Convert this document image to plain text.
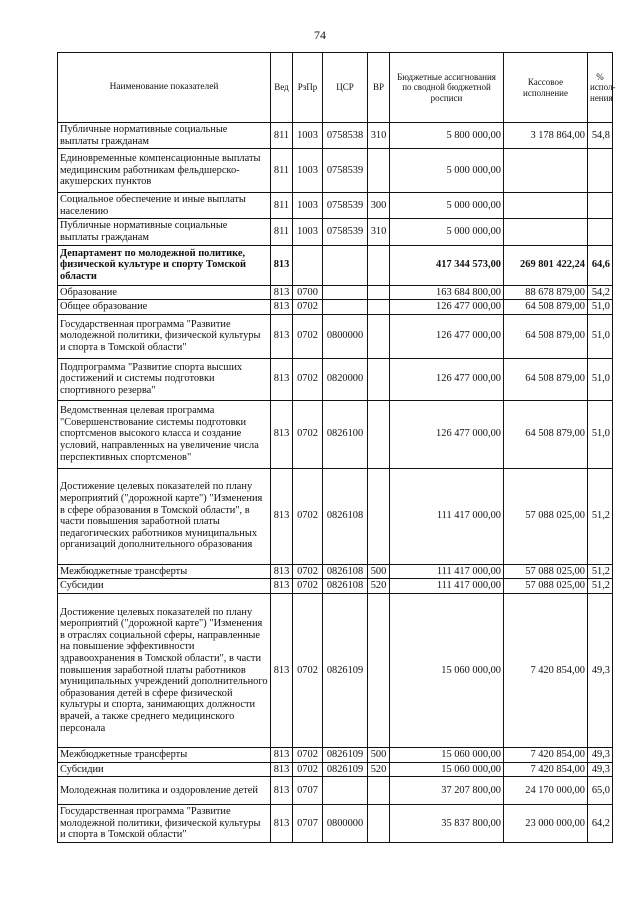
74
Наименование показателей	Вед	РзПр	ЦСР	ВР	Бюджетные ассигнования по сводной бюджетной росписи	Кассовое исполнение	% испол-нения
Публичные нормативные социальные выплаты гражданам	811	1003	0758538	310	5 800 000,00	3 178 864,00	54,8
Единовременные компенсационные выплаты медицинским работникам фельдшерско-акушерских пунктов	811	1003	0758539		5 000 000,00		
Социальное обеспечение и иные выплаты населению	811	1003	0758539	300	5 000 000,00		
Публичные нормативные социальные выплаты гражданам	811	1003	0758539	310	5 000 000,00		
Департамент по молодежной политике, физической культуре и спорту Томской области	813				417 344 573,00	269 801 422,24	64,6
Образование	813	0700			163 684 800,00	88 678 879,00	54,2
Общее образование	813	0702			126 477 000,00	64 508 879,00	51,0
Государственная программа "Развитие молодежной политики, физической культуры и спорта в Томской области"	813	0702	0800000		126 477 000,00	64 508 879,00	51,0
Подпрограмма "Развитие спорта высших достижений и системы подготовки спортивного резерва"	813	0702	0820000		126 477 000,00	64 508 879,00	51,0
Ведомственная целевая программа "Совершенствование системы подготовки спортсменов высокого класса и создание условий, направленных на увеличение числа перспективных спортсменов"	813	0702	0826100		126 477 000,00	64 508 879,00	51,0
Достижение целевых показателей по плану мероприятий ("дорожной карте") "Изменения в сфере образования в Томской области", в части повышения заработной платы педагогических работников муниципальных организаций дополнительного образования	813	0702	0826108		111 417 000,00	57 088 025,00	51,2
Межбюджетные трансферты	813	0702	0826108	500	111 417 000,00	57 088 025,00	51,2
Субсидии	813	0702	0826108	520	111 417 000,00	57 088 025,00	51,2
Достижение целевых показателей по плану мероприятий ("дорожной карте") "Изменения в отраслях социальной сферы, направленные на повышение эффективности здравоохранения в Томской области", в части повышения заработной платы работников муниципальных учреждений дополнительного образования детей в сфере физической культуры и спорта, занимающих должности врачей, а также среднего медицинского персонала	813	0702	0826109		15 060 000,00	7 420 854,00	49,3
Межбюджетные трансферты	813	0702	0826109	500	15 060 000,00	7 420 854,00	49,3
Субсидии	813	0702	0826109	520	15 060 000,00	7 420 854,00	49,3
Молодежная политика и оздоровление детей	813	0707			37 207 800,00	24 170 000,00	65,0
Государственная программа "Развитие молодежной политики, физической культуры и спорта в Томской области"	813	0707	0800000		35 837 800,00	23 000 000,00	64,2
